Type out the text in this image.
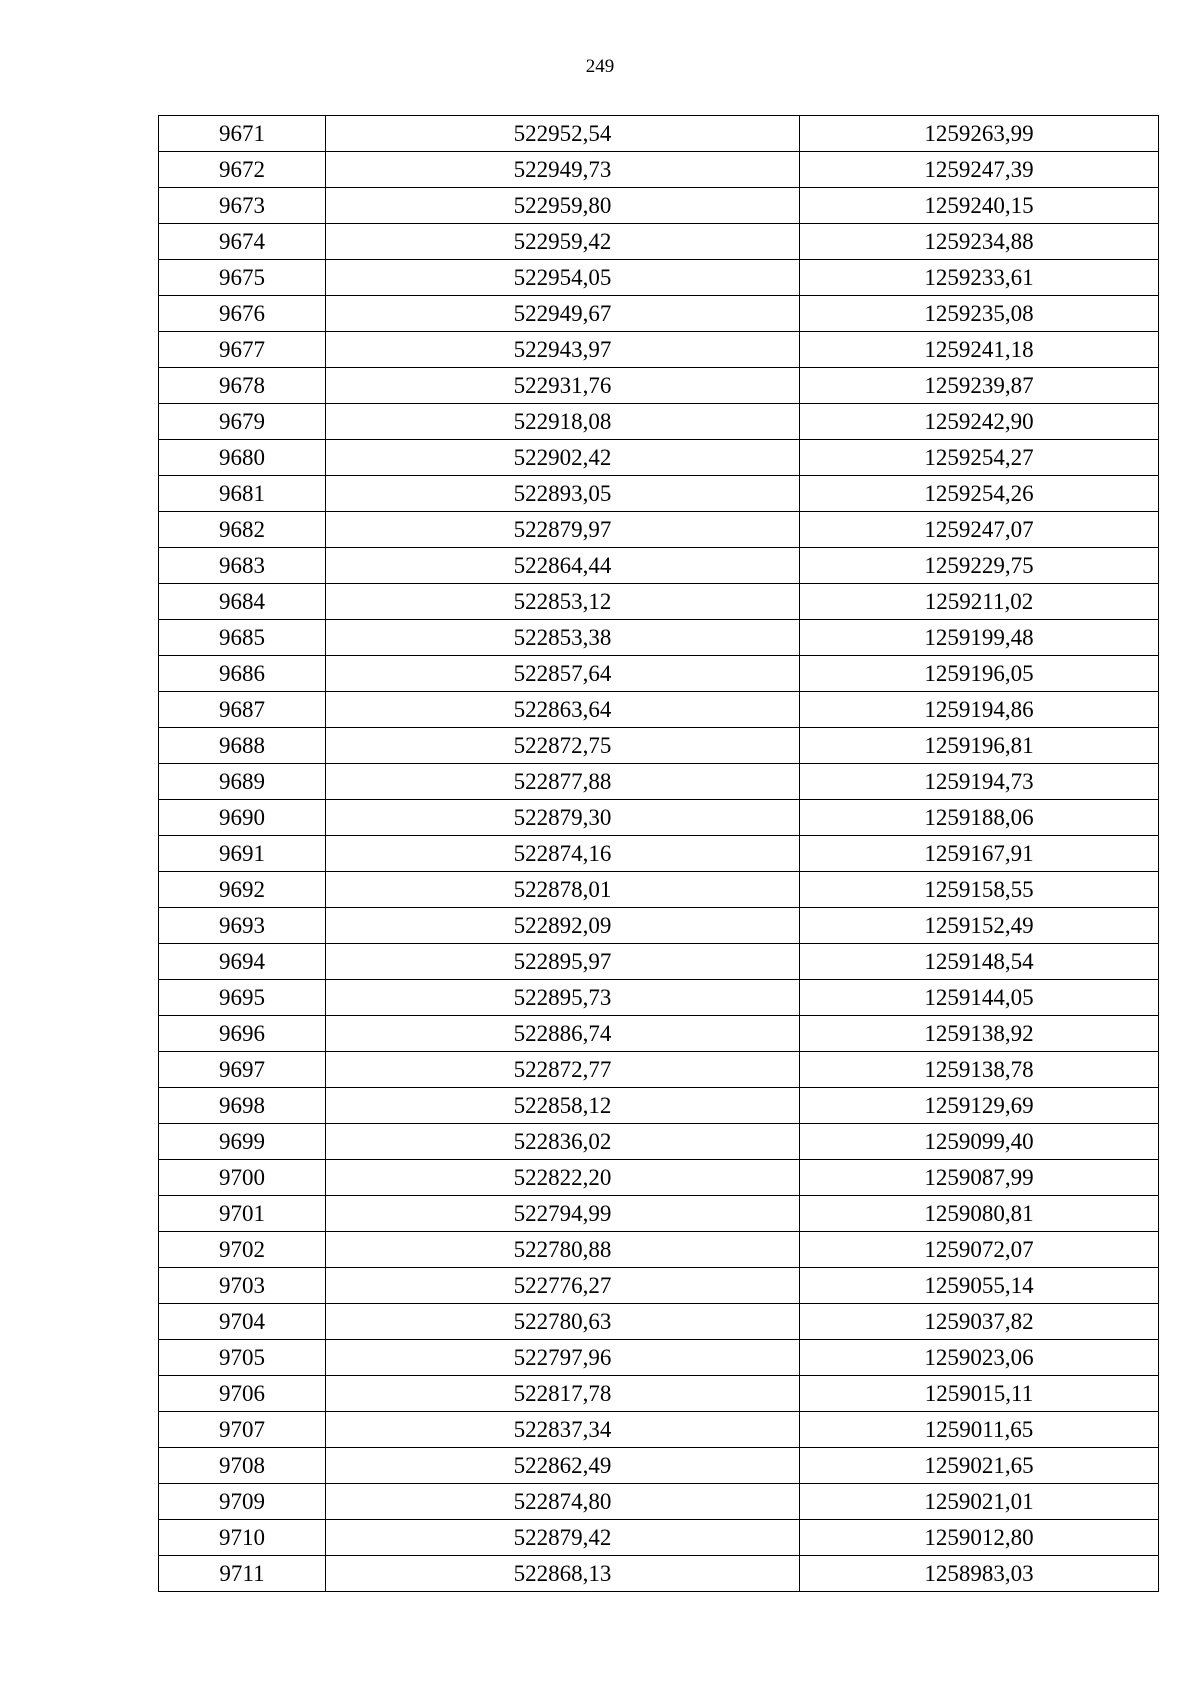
249
9671	522952,54	1259263,99
9672	522949,73	1259247,39
9673	522959,80	1259240,15
9674	522959,42	1259234,88
9675	522954,05	1259233,61
9676	522949,67	1259235,08
9677	522943,97	1259241,18
9678	522931,76	1259239,87
9679	522918,08	1259242,90
9680	522902,42	1259254,27
9681	522893,05	1259254,26
9682	522879,97	1259247,07
9683	522864,44	1259229,75
9684	522853,12	1259211,02
9685	522853,38	1259199,48
9686	522857,64	1259196,05
9687	522863,64	1259194,86
9688	522872,75	1259196,81
9689	522877,88	1259194,73
9690	522879,30	1259188,06
9691	522874,16	1259167,91
9692	522878,01	1259158,55
9693	522892,09	1259152,49
9694	522895,97	1259148,54
9695	522895,73	1259144,05
9696	522886,74	1259138,92
9697	522872,77	1259138,78
9698	522858,12	1259129,69
9699	522836,02	1259099,40
9700	522822,20	1259087,99
9701	522794,99	1259080,81
9702	522780,88	1259072,07
9703	522776,27	1259055,14
9704	522780,63	1259037,82
9705	522797,96	1259023,06
9706	522817,78	1259015,11
9707	522837,34	1259011,65
9708	522862,49	1259021,65
9709	522874,80	1259021,01
9710	522879,42	1259012,80
9711	522868,13	1258983,03
